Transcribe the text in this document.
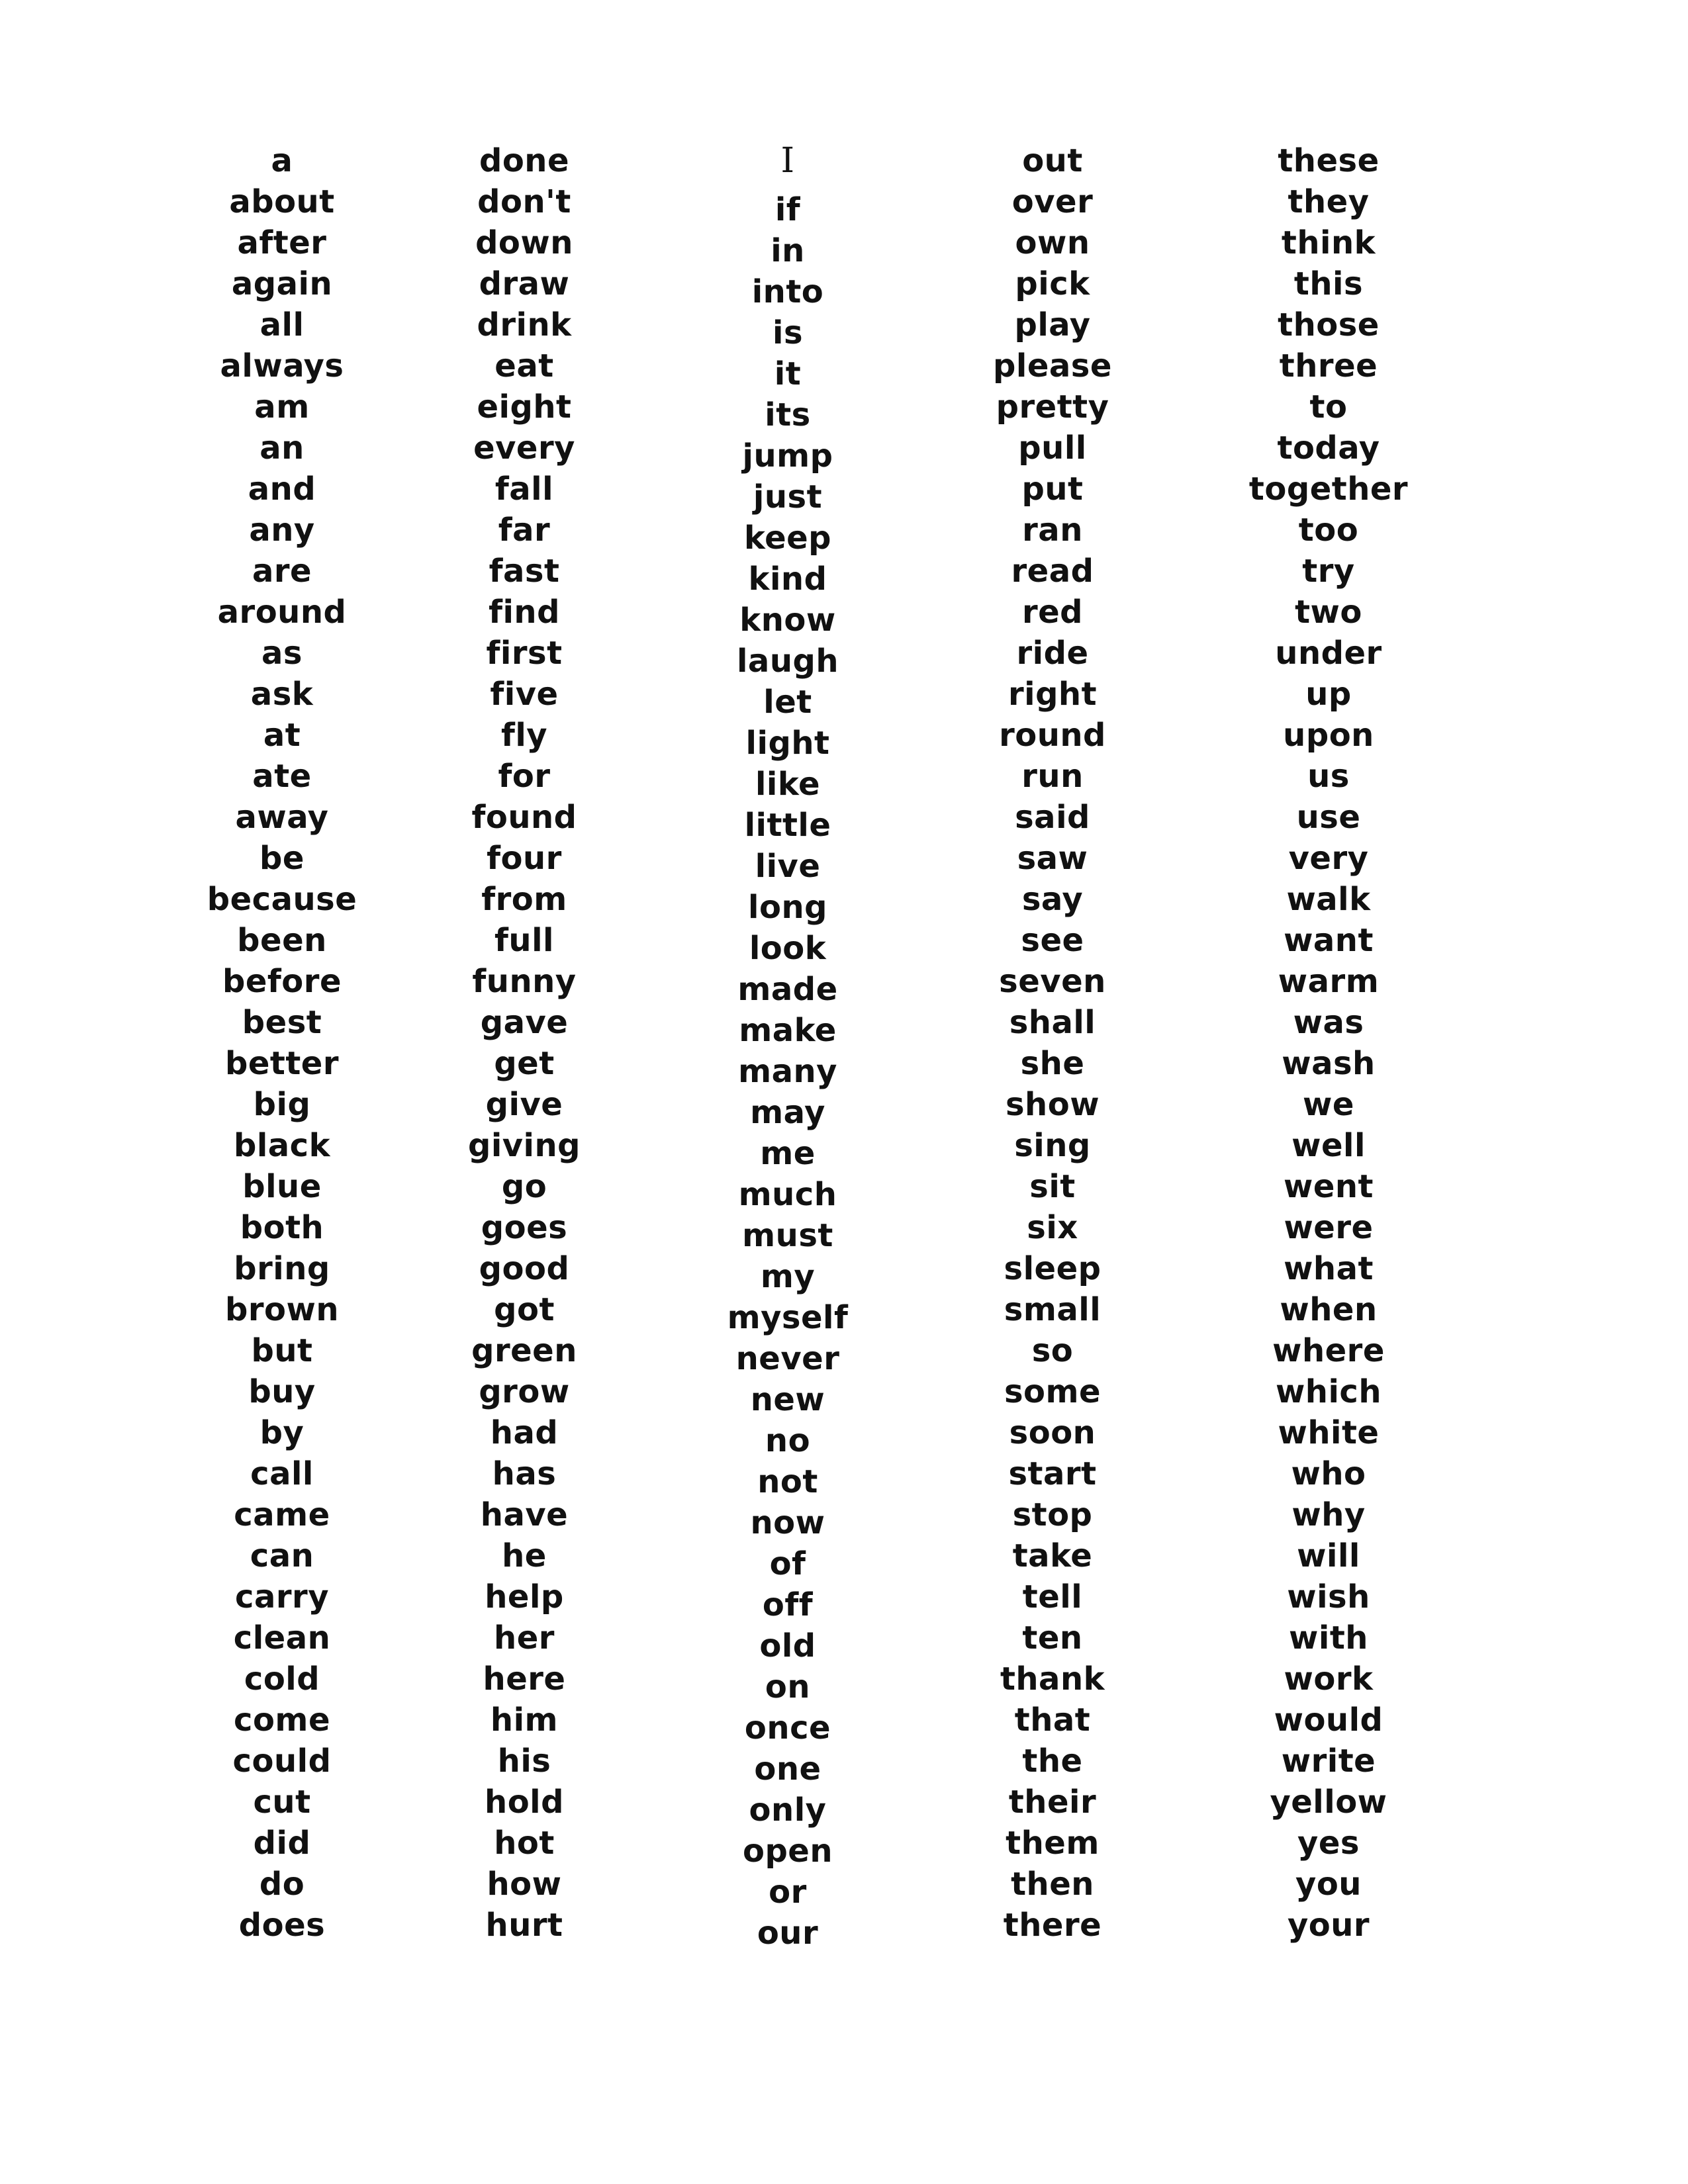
a
about
after
again
all
always
am
an
and
any
are
around
as
ask
at
ate
away
be
because
been
before
best
better
big
black
blue
both
bring
brown
but
buy
by
call
came
can
carry
clean
cold
come
could
cut
did
do
does
done
don't
down
draw
drink
eat
eight
every
fall
far
fast
find
first
five
fly
for
found
four
from
full
funny
gave
get
give
giving
go
goes
good
got
green
grow
had
has
have
he
help
her
here
him
his
hold
hot
how
hurt
I
if
in
into
is
it
its
jump
just
keep
kind
know
laugh
let
light
like
little
live
long
look
made
make
many
may
me
much
must
my
myself
never
new
no
not
now
of
off
old
on
once
one
only
open
or
our
out
over
own
pick
play
please
pretty
pull
put
ran
read
red
ride
right
round
run
said
saw
say
see
seven
shall
she
show
sing
sit
six
sleep
small
so
some
soon
start
stop
take
tell
ten
thank
that
the
their
them
then
there
these
they
think
this
those
three
to
today
together
too
try
two
under
up
upon
us
use
very
walk
want
warm
was
wash
we
well
went
were
what
when
where
which
white
who
why
will
wish
with
work
would
write
yellow
yes
you
your
